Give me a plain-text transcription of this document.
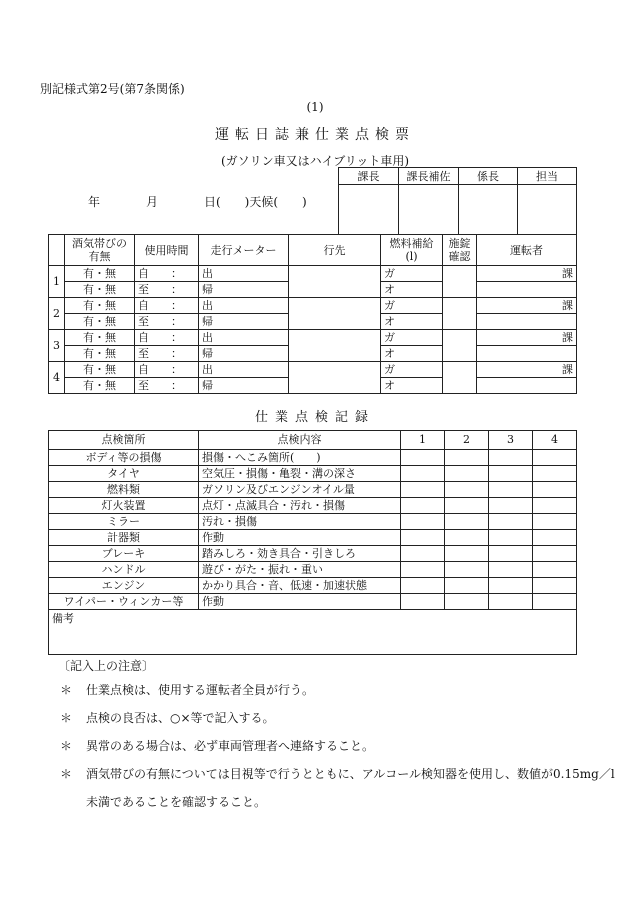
別記様式第2号(第7条関係)
(1)
運転日誌兼仕業点検票
(ガソリン車又はハイブリット車用)
年	月	日(　　)天候(　　)
課長	課長補佐	係長	担当

	酒気帯びの有無	使用時間	走行メーター	行先	燃料補給(l)	施錠確認	運転者
1	有・無	自　　：	出		ガ		課
	有・無	至　　：	帰		オ		
2	有・無	自　　：	出		ガ		課
	有・無	至　　：	帰		オ		
3	有・無	自　　：	出		ガ		課
	有・無	至　　：	帰		オ		
4	有・無	自　　：	出		ガ		課
	有・無	至　　：	帰		オ		
仕業点検記録
点検箇所	点検内容	1	2	3	4
ボディ等の損傷	損傷・へこみ箇所(　　)				
タイヤ	空気圧・損傷・亀裂・溝の深さ				
燃料類	ガソリン及びエンジンオイル量				
灯火装置	点灯・点滅具合・汚れ・損傷				
ミラー	汚れ・損傷				
計器類	作動				
ブレーキ	踏みしろ・効き具合・引きしろ				
ハンドル	遊び・がた・振れ・重い				
エンジン	かかり具合・音、低速・加速状態				
ワイパー・ウィンカー等	作動				
備考					
〔記入上の注意〕
＊ 仕業点検は、使用する運転者全員が行う。
＊ 点検の良否は、○×等で記入する。
＊ 異常のある場合は、必ず車両管理者へ連絡すること。
＊ 酒気帯びの有無については目視等で行うとともに、アルコール検知器を使用し、数値が0.15mg／l
未満であることを確認すること。
